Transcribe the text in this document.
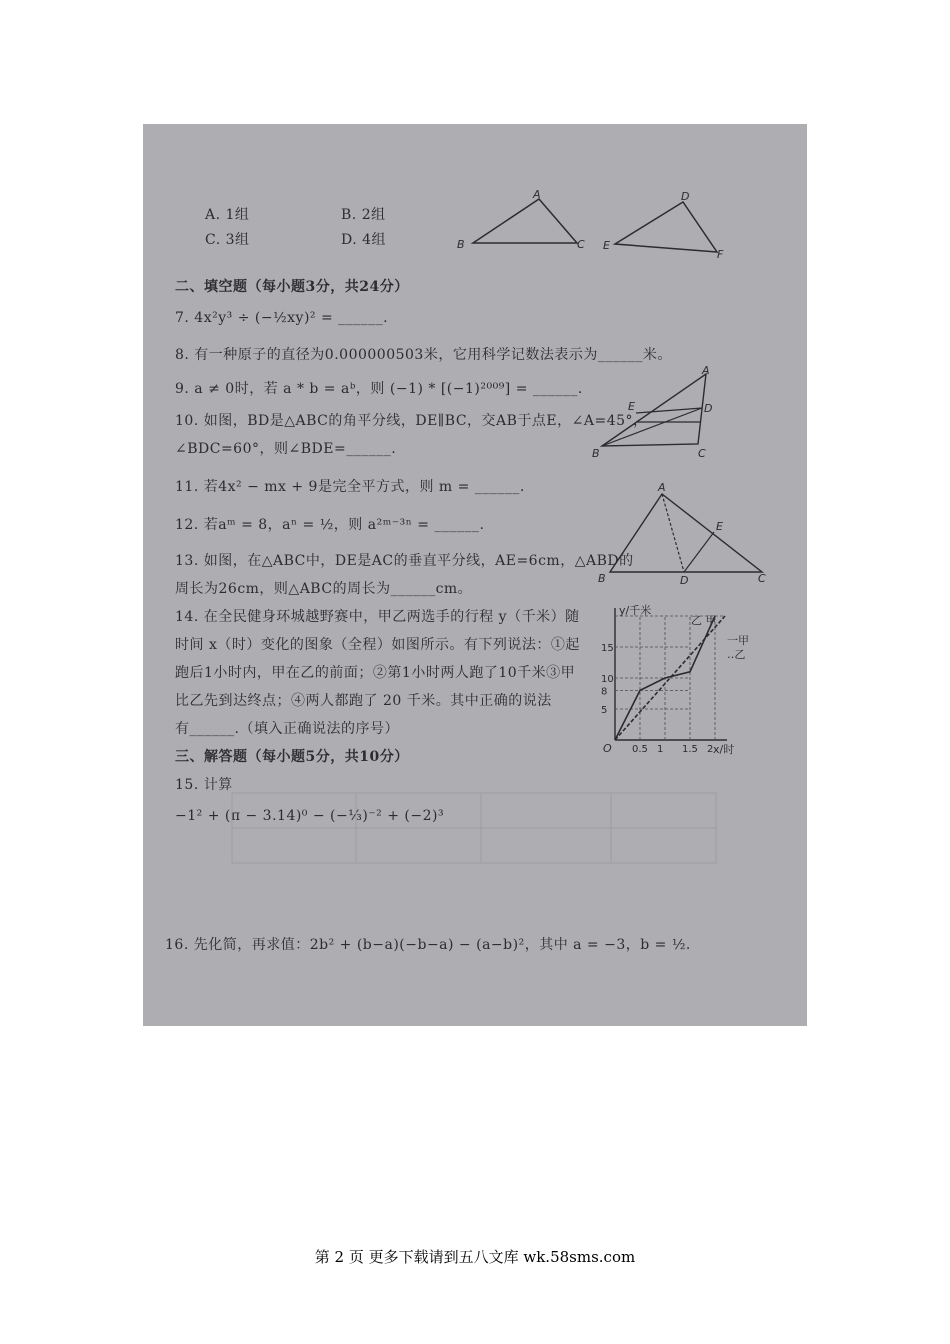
A. 1组	B. 2组
C. 3组	D. 4组
A
B	C
D
E
F
二、填空题（每小题3分，共24分）
7. 4x²y³ ÷ (−½xy)² = ______.
8. 有一种原子的直径为0.000000503米，它用科学记数法表示为______米。
9. a ≠ 0时，若 a * b = aᵇ，则 (−1) * [(−1)²⁰⁰⁹] = ______.
10. 如图，BD是△ABC的角平分线，DE∥BC，交AB于点E，∠A=45°，
∠BDC=60°，则∠BDE=______.
A
B	C
D
E
11. 若4x² − mx + 9是完全平方式，则 m = ______.
12. 若aᵐ = 8，aⁿ = ½，则 a²ᵐ⁻³ⁿ = ______.
13. 如图，在△ABC中，DE是AC的垂直平分线，AE=6cm，△ABD的
周长为26cm，则△ABC的周长为______cm。
A
B	C
D
E
14. 在全民健身环城越野赛中，甲乙两选手的行程 y（千米）随
时间 x（时）变化的图象（全程）如图所示。有下列说法：①起
跑后1小时内，甲在乙的前面；②第1小时两人跑了10千米③甲
比乙先到达终点；④两人都跑了 20 千米。其中正确的说法
有______.（填入正确说法的序号）
y/千米
x/时
O
乙 甲
一甲
‥乙
5
8
10
15
0.5 1 1.5 2
三、解答题（每小题5分，共10分）
15. 计算
−1² + (π − 3.14)⁰ − (−⅓)⁻² + (−2)³
16. 先化简，再求值：2b² + (b−a)(−b−a) − (a−b)²，其中 a = −3，b = ½.
第 2 页 更多下载请到五八文库 wk.58sms.com
